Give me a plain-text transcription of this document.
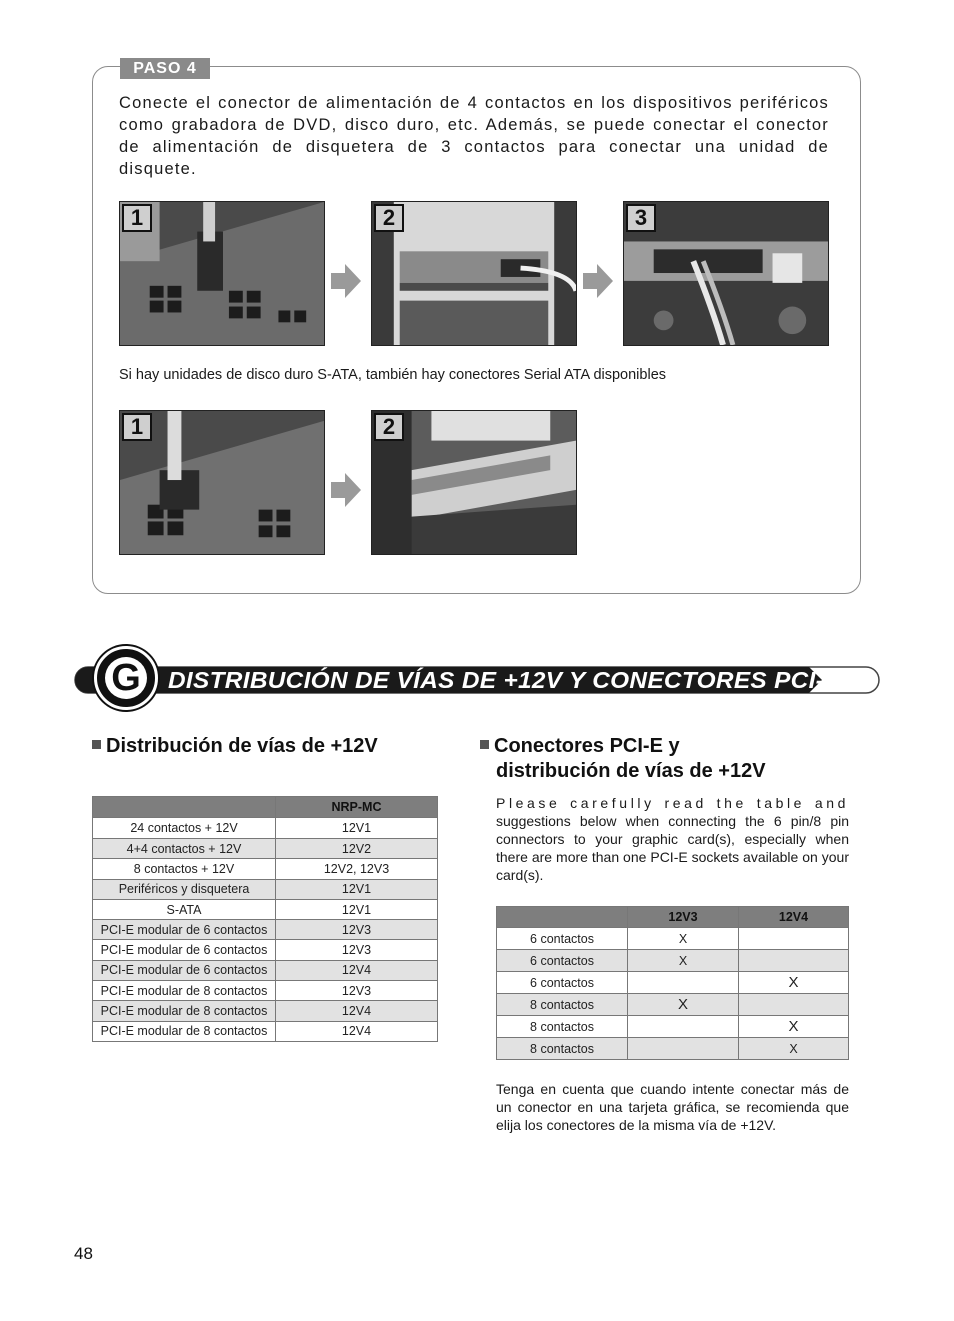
PASO 4

Conecte el conector de alimentación de 4 contactos en los dispositivos periféricos como grabadora de DVD, disco duro, etc. Además, se puede conectar el conector de alimentación de disquetera de 3 contactos para conectar una unidad de disquete.

1	2	3

Si hay unidades de disco duro S-ATA, también hay conectores Serial ATA disponibles

1	2
G DISTRIBUCIÓN DE VÍAS DE +12V Y CONECTORES PCI-E
Distribución de vías de +12V
	NRP-MC
24 contactos + 12V	12V1
4+4 contactos + 12V	12V2
8 contactos + 12V	12V2, 12V3
Periféricos y disquetera	12V1
S-ATA	12V1
PCI-E modular de 6 contactos	12V3
PCI-E modular de 6 contactos	12V3
PCI-E modular de 6 contactos	12V4
PCI-E modular de 8 contactos	12V3
PCI-E modular de 8 contactos	12V4
PCI-E modular de 8 contactos	12V4
Conectores PCI-E y
distribución de vías de +12V

Please carefully read the table and suggestions below when connecting the 6 pin/8 pin connectors to your graphic card(s), especially when there are more than one PCI-E sockets available on your card(s).

	12V3	12V4
6 contactos	X	
6 contactos	X	
6 contactos		X
8 contactos	X	
8 contactos		X
8 contactos		X

Tenga en cuenta que cuando intente conectar más de un conector en una tarjeta gráfica, se recomienda que elija los conectores de la misma vía de +12V.

48
